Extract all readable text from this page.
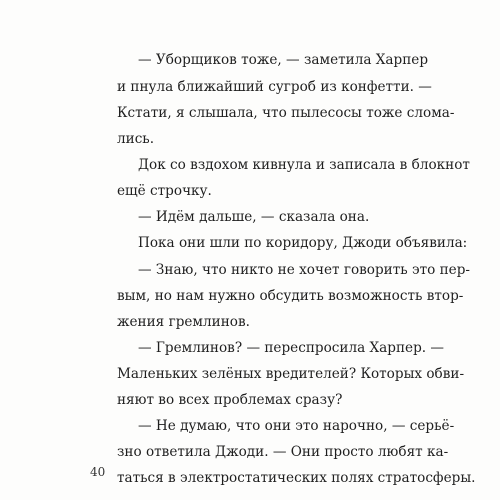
— Уборщиков тоже, — заметила Харпер
и пнула ближайший сугроб из конфетти. —
Кстати, я слышала, что пылесосы тоже слома-
лись.
Док со вздохом кивнула и записала в блокнот
ещё строчку.
— Идём дальше, — сказала она.
Пока они шли по коридору, Джоди объявила:
— Знаю, что никто не хочет говорить это пер-
вым, но нам нужно обсудить возможность втор-
жения гремлинов.
— Гремлинов? — переспросила Харпер. —
Маленьких зелёных вредителей? Которых обви-
няют во всех проблемах сразу?
— Не думаю, что они это нарочно, — серьё-
зно ответила Джоди. — Они просто любят ка-
таться в электростатических полях стратосферы.
40
